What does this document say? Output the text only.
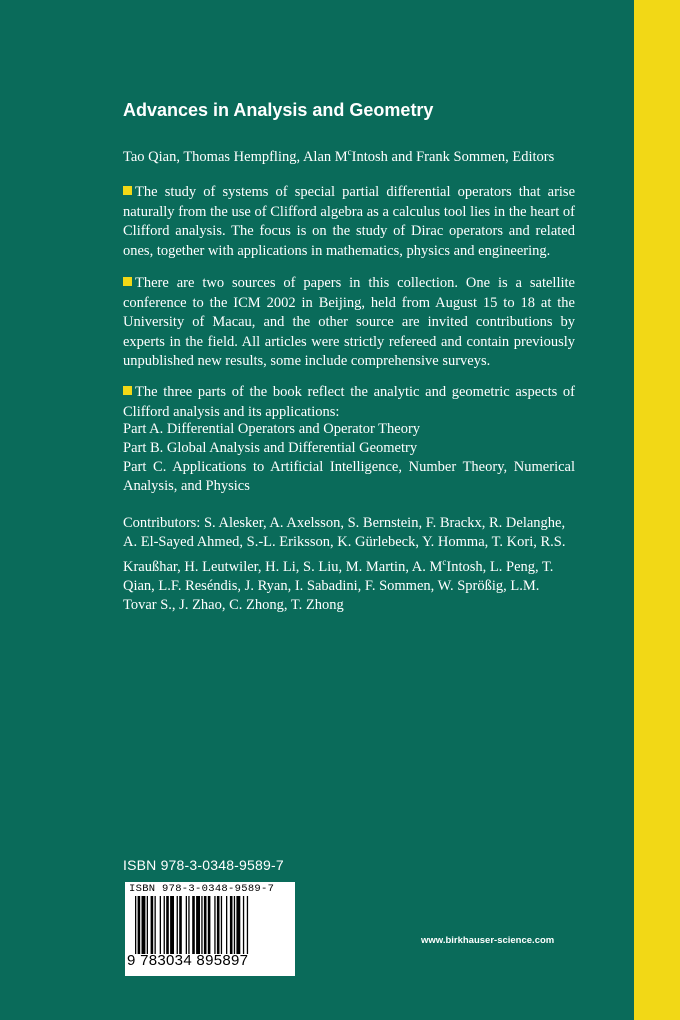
Advances in Analysis and Geometry
Tao Qian, Thomas Hempfling, Alan $M^cIntosh$ and Frank Sommen, Editors
The study of systems of special partial differential operators that arise naturally from the use of Clifford algebra as a calculus tool lies in the heart of Clifford analysis. The focus is on the study of Dirac operators and related ones, together with applications in mathematics, physics and engineering.
There are two sources of papers in this collection. One is a satellite conference to the ICM 2002 in Beijing, held from August 15 to 18 at the University of Macau, and the other source are invited contributions by experts in the field. All articles were strictly refereed and contain previously unpublished new results, some include comprehensive surveys.
The three parts of the book reflect the analytic and geometric aspects of Clifford analysis and its applications:
Part A. Differential Operators and Operator Theory
Part B. Global Analysis and Differential Geometry
Part C. Applications to Artificial Intelligence, Number Theory, Numerical Analysis, and Physics
Contributors: S. Alesker, A. Axelsson, S. Bernstein, F. Brackx, R. Delanghe, A. El-Sayed Ahmed, S.-L. Eriksson, K. Gürlebeck, Y. Homma, T. Kori, R.S. Kraußhar, H. Leutwiler, H. Li, S. Liu, M. Martin, A. $M^cIntosh$, L. Peng, T. Qian, L.F. Reséndis, J. Ryan, I. Sabadini, F. Sommen, W. Sprößig, L.M. Tovar S., J. Zhao, C. Zhong, T. Zhong
ISBN 978-3-0348-9589-7
ISBN 978-3-0348-9589-7
9 783034 895897
www.birkhauser-science.com
